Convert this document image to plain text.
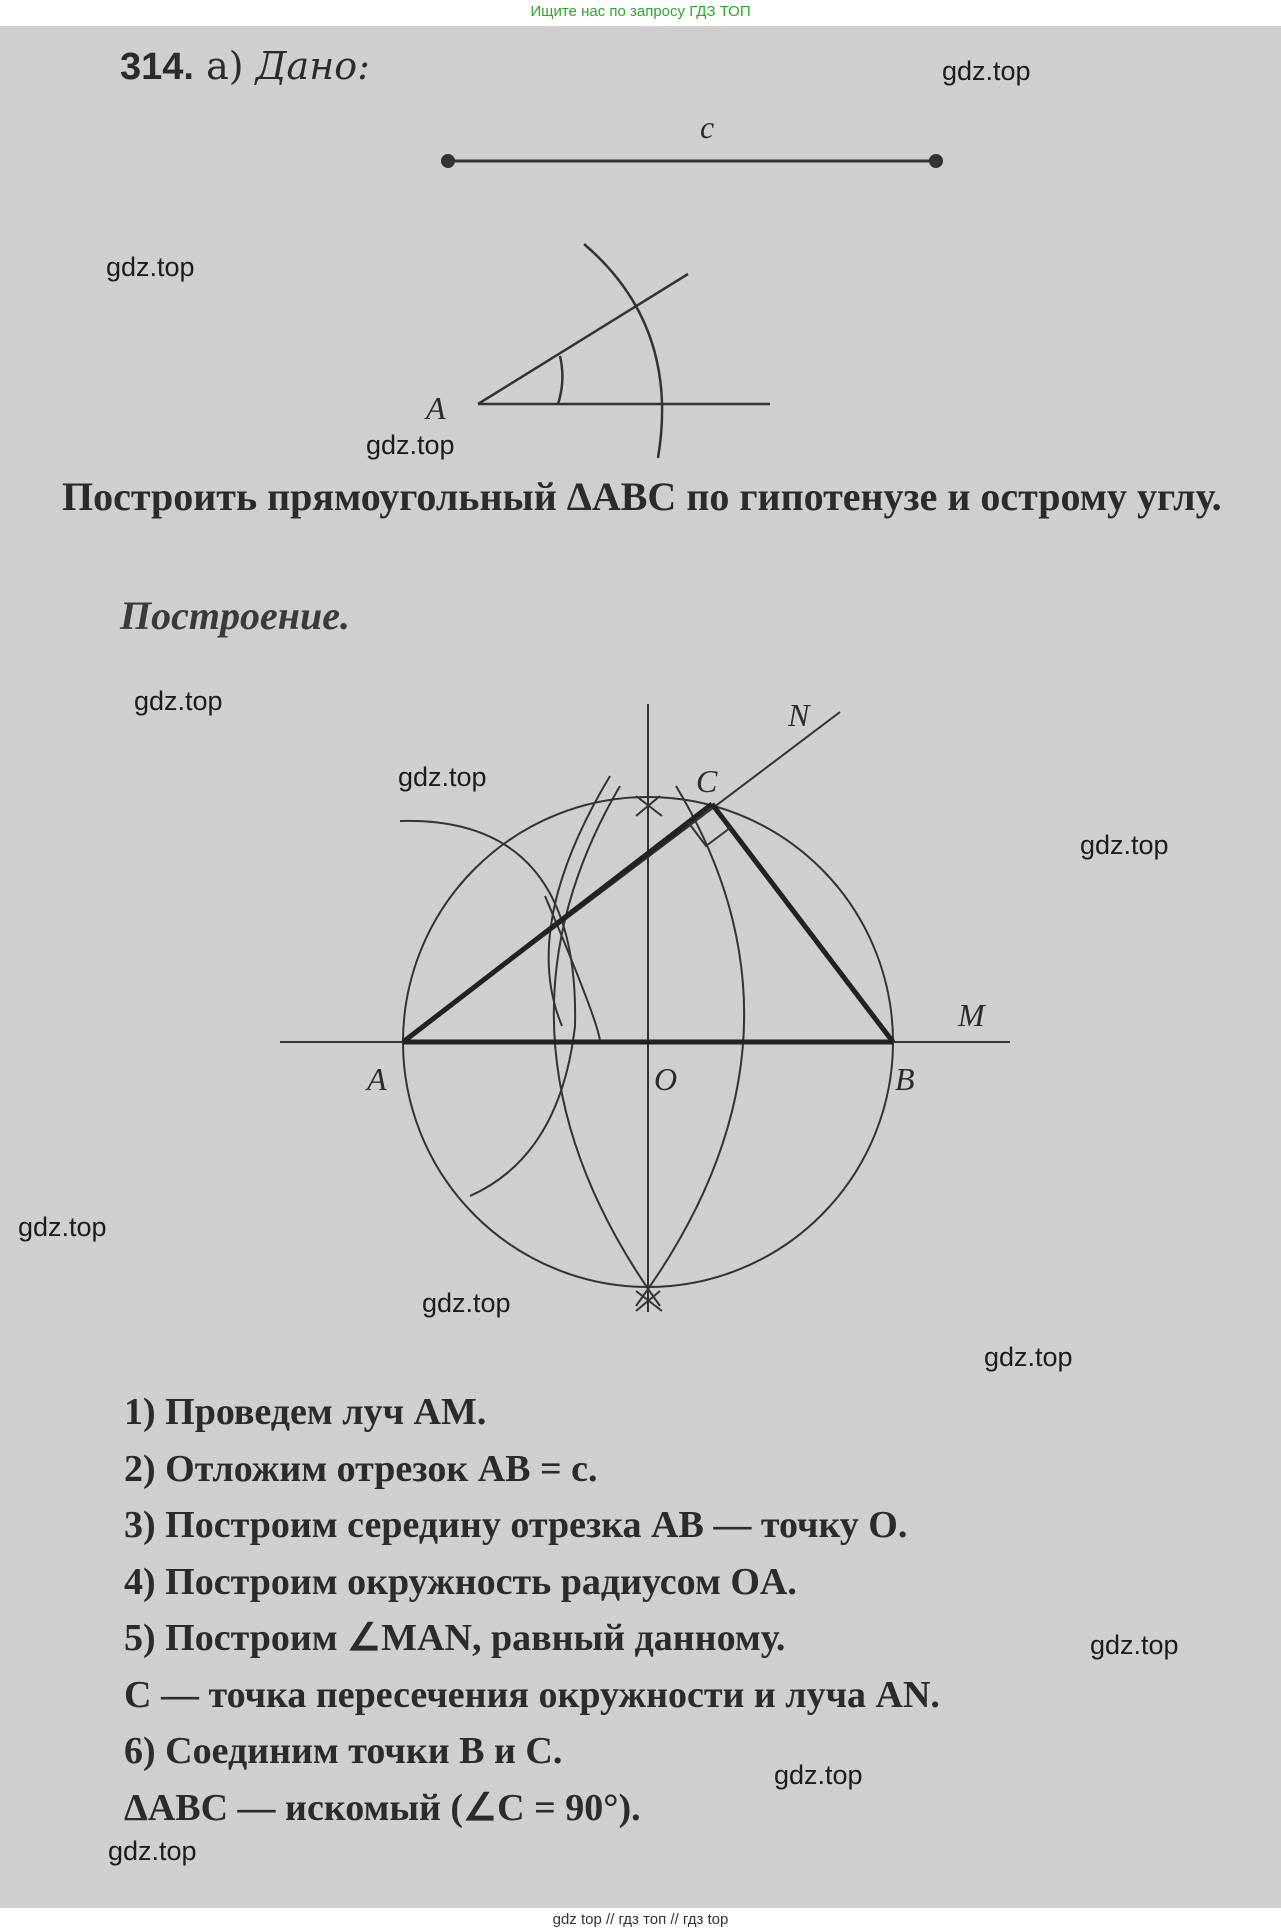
Ищите нас по запросу ГДЗ ТОП
314. а) Дано:
c
A
A	O	B
M
N
C
Построить прямоугольный ΔABC по гипотенузе и острому углу.
Построение.
1) Проведем луч AM.
2) Отложим отрезок AB = c.
3) Построим середину отрезка AB — точку O.
4) Построим окружность радиусом OA.
5) Построим ∠MAN, равный данному.
C — точка пересечения окружности и луча AN.
6) Соединим точки B и C.
ΔABC — искомый (∠C = 90°).
gdz.top
gdz.top
gdz.top
gdz.top
gdz.top
gdz.top
gdz.top
gdz.top
gdz.top
gdz.top
gdz.top
gdz.top
gdz top // гдз топ // гдз top
